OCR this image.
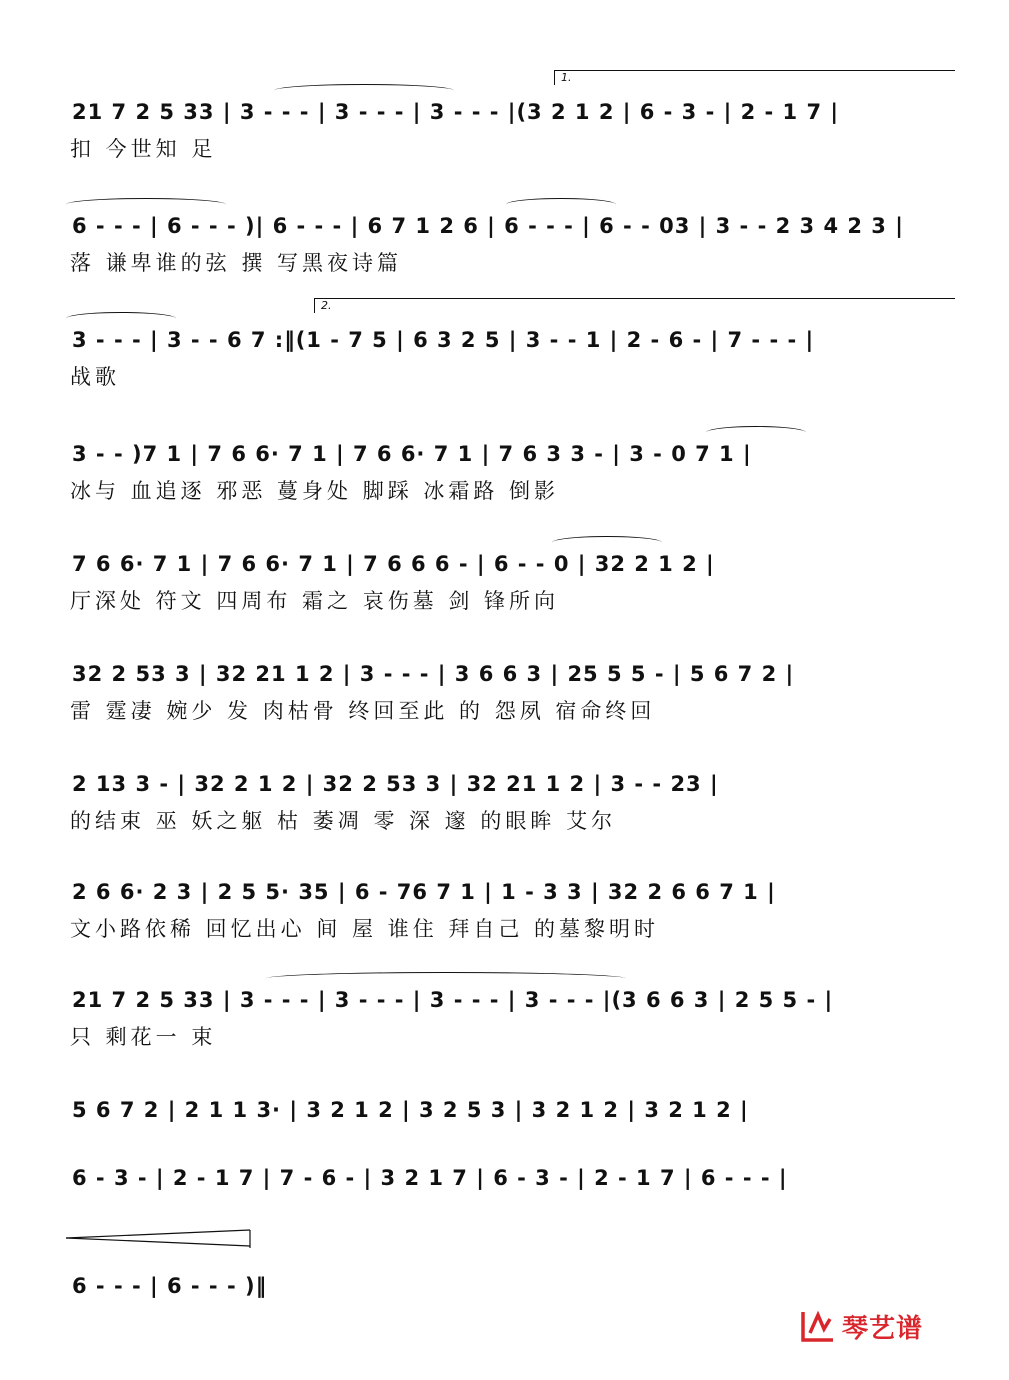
1.
21 7 2 5 33 | 3 - - - | 3 - - - | 3 - - - |(3 2 1 2 | 6 - 3 - | 2 - 1 7 |
扣 今世知 足
6 - - - | 6 - - - )| 6 - - - | 6 7 1 2 6 | 6 - - - | 6 - - 03 | 3 - - 2 3 4 2 3 |
落 谦卑谁的弦 撰 写黑夜诗篇
2.
3 - - - | 3 - - 6 7 :‖(1 - 7 5 | 6 3 2 5 | 3 - - 1 | 2 - 6 - | 7 - - - |
战歌
3 - - )7 1 | 7 6 6· 7 1 | 7 6 6· 7 1 | 7 6 3 3 - | 3 - 0 7 1 |
冰与 血追逐 邪恶 蔓身处 脚踩 冰霜路 倒影
7 6 6· 7 1 | 7 6 6· 7 1 | 7 6 6 6 - | 6 - - 0 | 32 2 1 2 |
厅深处 符文 四周布 霜之 哀伤墓 剑 锋所向
32 2 53 3 | 32 21 1 2 | 3 - - - | 3 6 6 3 | 25 5 5 - | 5 6 7 2 |
雷 霆凄 婉少 发 肉枯骨 终回至此 的 怨夙 宿命终回
2 13 3 - | 32 2 1 2 | 32 2 53 3 | 32 21 1 2 | 3 - - 23 |
的结束 巫 妖之躯 枯 萎凋 零 深 邃 的眼眸 艾尔
2 6 6· 2 3 | 2 5 5· 35 | 6 - 76 7 1 | 1 - 3 3 | 32 2 6 6 7 1 |
文小路依稀 回忆出心 间 屋 谁住 拜自己 的墓黎明时
21 7 2 5 33 | 3 - - - | 3 - - - | 3 - - - | 3 - - - |(3 6 6 3 | 2 5 5 - |
只 剩花一 束
5 6 7 2 | 2 1 1 3· | 3 2 1 2 | 3 2 5 3 | 3 2 1 2 | 3 2 1 2 |
6 - 3 - | 2 - 1 7 | 7 - 6 - | 3 2 1 7 | 6 - 3 - | 2 - 1 7 | 6 - - - |
6 - - - | 6 - - - )‖
琴艺谱
